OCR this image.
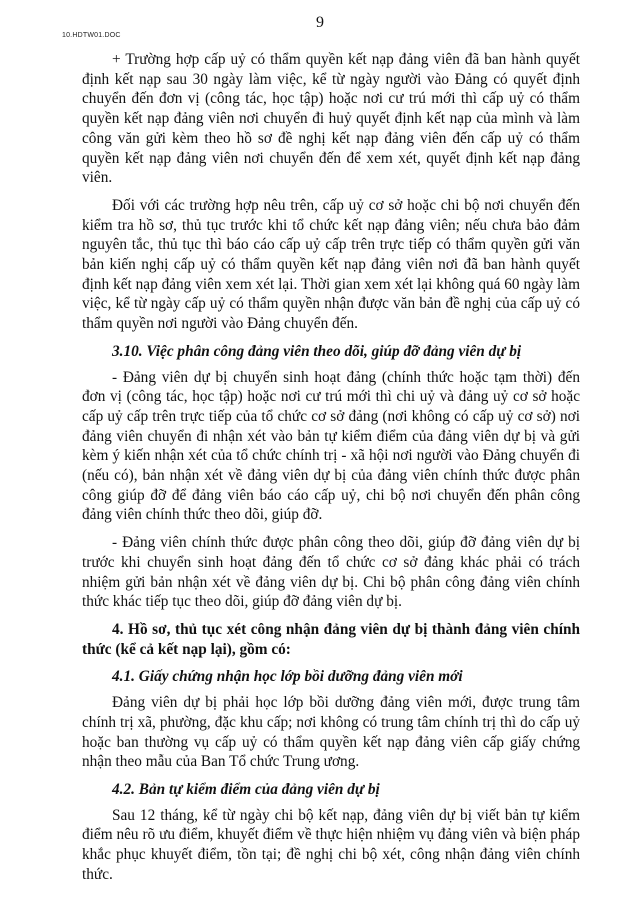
10.HDTW01.DOC
9

+ Trường hợp cấp uỷ có thẩm quyền kết nạp đảng viên đã ban hành quyết định kết nạp sau 30 ngày làm việc, kể từ ngày người vào Đảng có quyết định chuyển đến đơn vị (công tác, học tập) hoặc nơi cư trú mới thì cấp uỷ có thẩm quyền kết nạp đảng viên nơi chuyển đi huỷ quyết định kết nạp của mình và làm công văn gửi kèm theo hồ sơ đề nghị kết nạp đảng viên đến cấp uỷ có thẩm quyền kết nạp đảng viên nơi chuyển đến để xem xét, quyết định kết nạp đảng viên.

Đối với các trường hợp nêu trên, cấp uỷ cơ sở hoặc chi bộ nơi chuyển đến kiểm tra hồ sơ, thủ tục trước khi tổ chức kết nạp đảng viên; nếu chưa bảo đảm nguyên tắc, thủ tục thì báo cáo cấp uỷ cấp trên trực tiếp có thẩm quyền gửi văn bản kiến nghị cấp uỷ có thẩm quyền kết nạp đảng viên nơi đã ban hành quyết định kết nạp đảng viên xem xét lại. Thời gian xem xét lại không quá 60 ngày làm việc, kể từ ngày cấp uỷ có thẩm quyền nhận được văn bản đề nghị của cấp uỷ có thẩm quyền nơi người vào Đảng chuyển đến.

3.10. Việc phân công đảng viên theo dõi, giúp đỡ đảng viên dự bị

- Đảng viên dự bị chuyển sinh hoạt đảng (chính thức hoặc tạm thời) đến đơn vị (công tác, học tập) hoặc nơi cư trú mới thì chi uỷ và đảng uỷ cơ sở hoặc cấp uỷ cấp trên trực tiếp của tổ chức cơ sở đảng (nơi không có cấp uỷ cơ sở) nơi đảng viên chuyển đi nhận xét vào bản tự kiểm điểm của đảng viên dự bị và gửi kèm ý kiến nhận xét của tổ chức chính trị - xã hội nơi người vào Đảng chuyển đi (nếu có), bản nhận xét về đảng viên dự bị của đảng viên chính thức được phân công giúp đỡ để đảng viên báo cáo cấp uỷ, chi bộ nơi chuyển đến phân công đảng viên chính thức theo dõi, giúp đỡ.

- Đảng viên chính thức được phân công theo dõi, giúp đỡ đảng viên dự bị trước khi chuyển sinh hoạt đảng đến tổ chức cơ sở đảng khác phải có trách nhiệm gửi bản nhận xét về đảng viên dự bị. Chi bộ phân công đảng viên chính thức khác tiếp tục theo dõi, giúp đỡ đảng viên dự bị.

4. Hồ sơ, thủ tục xét công nhận đảng viên dự bị thành đảng viên chính thức (kể cả kết nạp lại), gồm có:

4.1. Giấy chứng nhận học lớp bồi dưỡng đảng viên mới

Đảng viên dự bị phải học lớp bồi dưỡng đảng viên mới, được trung tâm chính trị xã, phường, đặc khu cấp; nơi không có trung tâm chính trị thì do cấp uỷ hoặc ban thường vụ cấp uỷ có thẩm quyền kết nạp đảng viên cấp giấy chứng nhận theo mẫu của Ban Tổ chức Trung ương.

4.2. Bản tự kiểm điểm của đảng viên dự bị

Sau 12 tháng, kể từ ngày chi bộ kết nạp, đảng viên dự bị viết bản tự kiểm điểm nêu rõ ưu điểm, khuyết điểm về thực hiện nhiệm vụ đảng viên và biện pháp khắc phục khuyết điểm, tồn tại; đề nghị chi bộ xét, công nhận đảng viên chính thức.
